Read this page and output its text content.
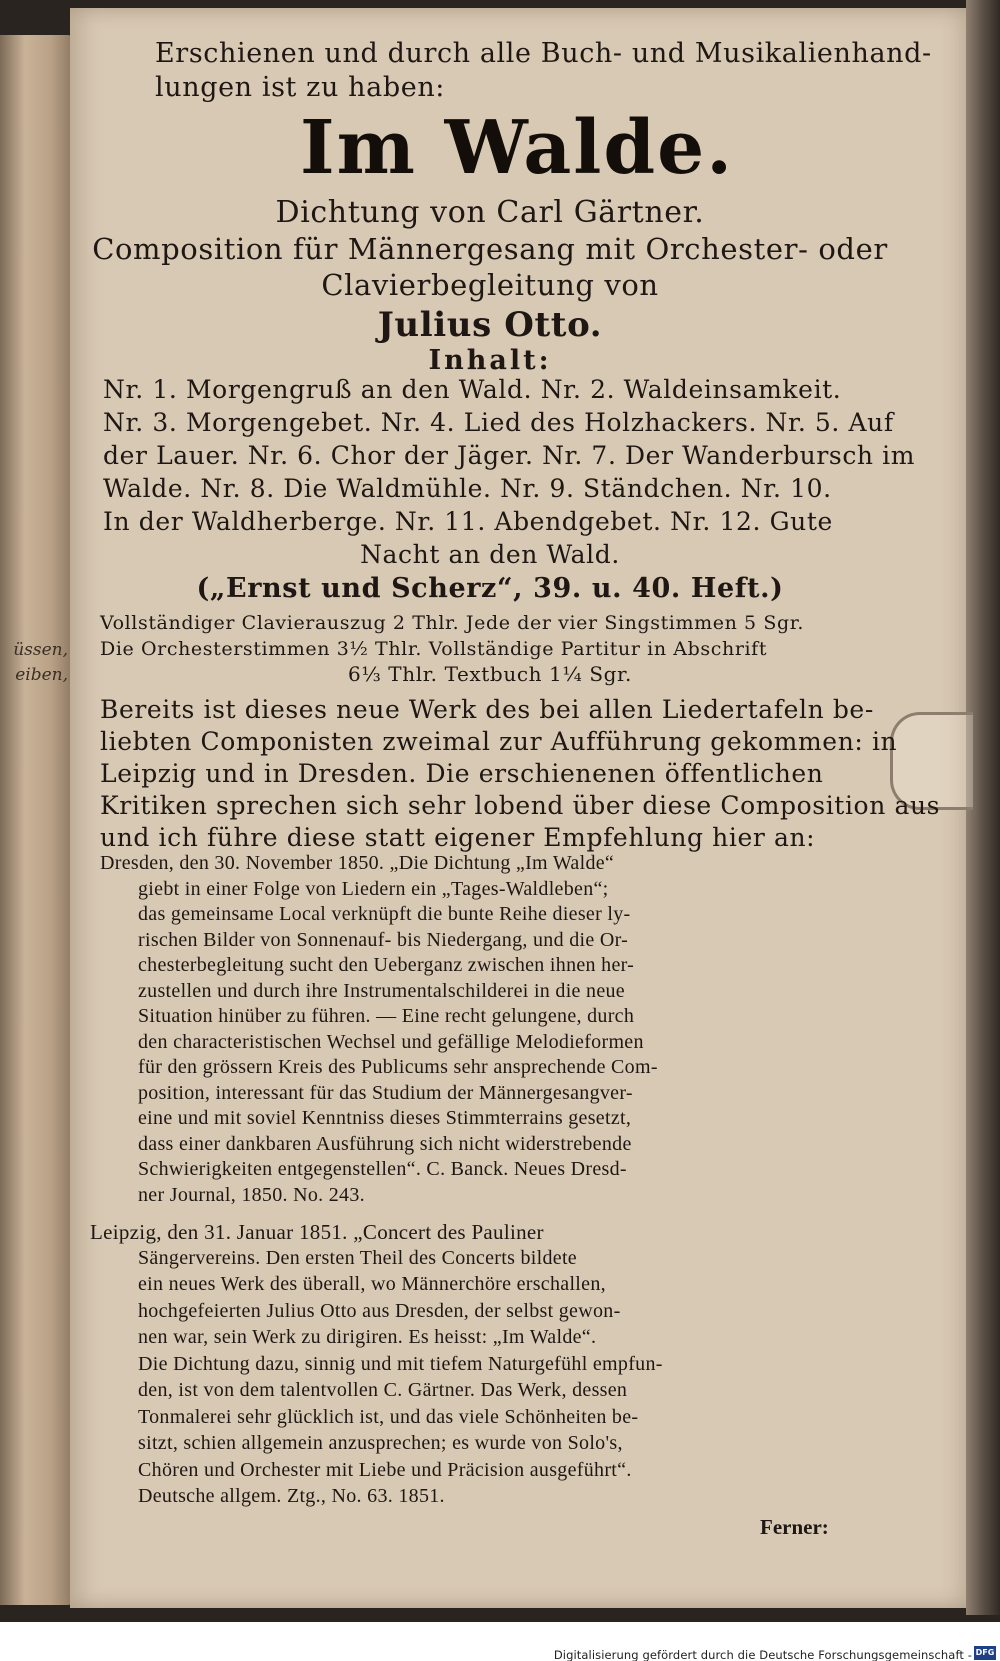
üssen,
eiben,
Erschienen und durch alle Buch- und Musikalienhand-
lungen ist zu haben:
Im Walde.
Dichtung von Carl Gärtner.
Composition für Männergesang mit Orchester- oder
Clavierbegleitung von
Julius Otto.
Inhalt:
Nr. 1. Morgengruß an den Wald. Nr. 2. Waldeinsamkeit.
Nr. 3. Morgengebet. Nr. 4. Lied des Holzhackers. Nr. 5. Auf
der Lauer. Nr. 6. Chor der Jäger. Nr. 7. Der Wanderbursch im
Walde. Nr. 8. Die Waldmühle. Nr. 9. Ständchen. Nr. 10.
In der Waldherberge. Nr. 11. Abendgebet. Nr. 12. Gute
Nacht an den Wald.
(„Ernst und Scherz“, 39. u. 40. Heft.)
Vollständiger Clavierauszug 2 Thlr. Jede der vier Singstimmen 5 Sgr.
Die Orchesterstimmen 3½ Thlr. Vollständige Partitur in Abschrift
6⅓ Thlr. Textbuch 1¼ Sgr.
Bereits ist dieses neue Werk des bei allen Liedertafeln be-
liebten Componisten zweimal zur Aufführung gekommen: in
Leipzig und in Dresden. Die erschienenen öffentlichen
Kritiken sprechen sich sehr lobend über diese Composition aus
und ich führe diese statt eigener Empfehlung hier an:
Dresden, den 30. November 1850. „Die Dichtung „Im Walde“
giebt in einer Folge von Liedern ein „Tages-Waldleben“;
das gemeinsame Local verknüpft die bunte Reihe dieser ly-
rischen Bilder von Sonnenauf- bis Niedergang, und die Or-
chesterbegleitung sucht den Ueberganz zwischen ihnen her-
zustellen und durch ihre Instrumentalschilderei in die neue
Situation hinüber zu führen. — Eine recht gelungene, durch
den characteristischen Wechsel und gefällige Melodieformen
für den grössern Kreis des Publicums sehr ansprechende Com-
position, interessant für das Studium der Männergesangver-
eine und mit soviel Kenntniss dieses Stimmterrains gesetzt,
dass einer dankbaren Ausführung sich nicht widerstrebende
Schwierigkeiten entgegenstellen“. C. Banck. Neues Dresd-
ner Journal, 1850. No. 243.
Leipzig, den 31. Januar 1851. „Concert des Pauliner
Sängervereins. Den ersten Theil des Concerts bildete
ein neues Werk des überall, wo Männerchöre erschallen,
hochgefeierten Julius Otto aus Dresden, der selbst gewon-
nen war, sein Werk zu dirigiren. Es heisst: „Im Walde“.
Die Dichtung dazu, sinnig und mit tiefem Naturgefühl empfun-
den, ist von dem talentvollen C. Gärtner. Das Werk, dessen
Tonmalerei sehr glücklich ist, und das viele Schönheiten be-
sitzt, schien allgemein anzusprechen; es wurde von Solo's,
Chören und Orchester mit Liebe und Präcision ausgeführt“.
Deutsche allgem. Ztg., No. 63. 1851.
Ferner:
Digitalisierung gefördert durch die Deutsche Forschungsgemeinschaft - DFG
